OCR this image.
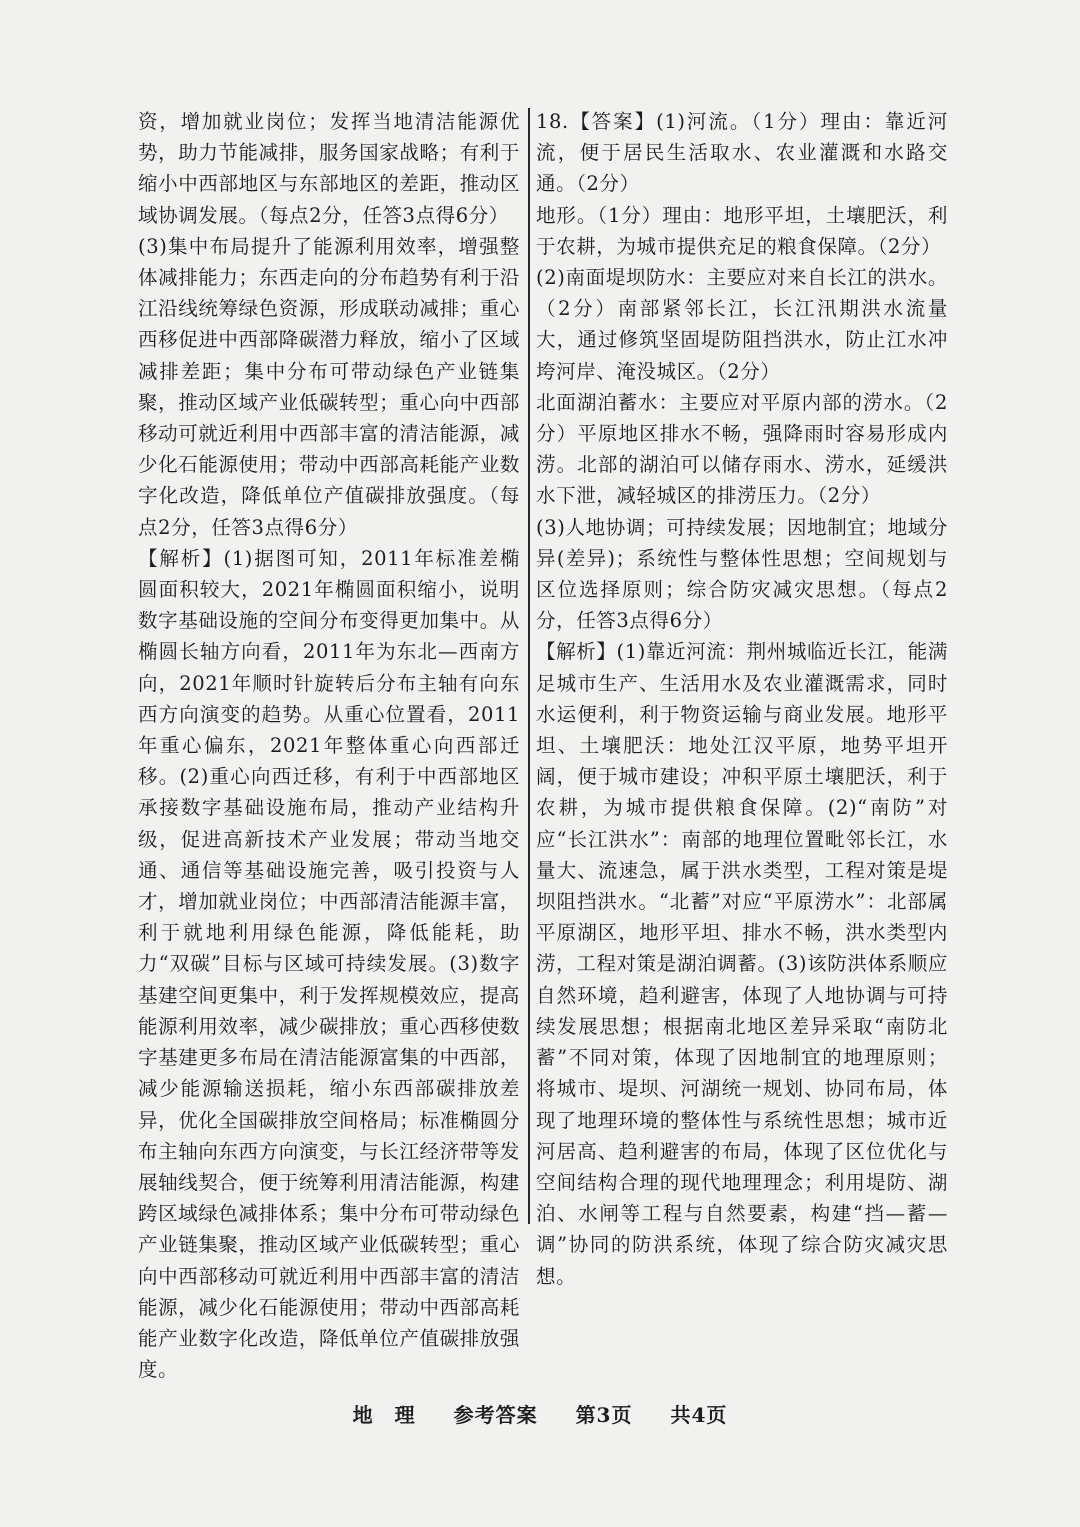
资，增加就业岗位；发挥当地清洁能源优势，助力节能减排，服务国家战略；有利于缩小中西部地区与东部地区的差距，推动区域协调发展。（每点2分，任答3点得6分）

(3)集中布局提升了能源利用效率，增强整体减排能力；东西走向的分布趋势有利于沿江沿线统筹绿色资源，形成联动减排；重心西移促进中西部降碳潜力释放，缩小了区域减排差距；集中分布可带动绿色产业链集聚，推动区域产业低碳转型；重心向中西部移动可就近利用中西部丰富的清洁能源，减少化石能源使用；带动中西部高耗能产业数字化改造，降低单位产值碳排放强度。（每点2分，任答3点得6分）

【解析】(1)据图可知，2011年标准差椭圆面积较大，2021年椭圆面积缩小，说明数字基础设施的空间分布变得更加集中。从椭圆长轴方向看，2011年为东北—西南方向，2021年顺时针旋转后分布主轴有向东西方向演变的趋势。从重心位置看，2011年重心偏东，2021年整体重心向西部迁移。(2)重心向西迁移，有利于中西部地区承接数字基础设施布局，推动产业结构升级，促进高新技术产业发展；带动当地交通、通信等基础设施完善，吸引投资与人才，增加就业岗位；中西部清洁能源丰富，利于就地利用绿色能源，降低能耗，助力“双碳”目标与区域可持续发展。(3)数字基建空间更集中，利于发挥规模效应，提高能源利用效率，减少碳排放；重心西移使数字基建更多布局在清洁能源富集的中西部，减少能源输送损耗，缩小东西部碳排放差异，优化全国碳排放空间格局；标准椭圆分布主轴向东西方向演变，与长江经济带等发展轴线契合，便于统筹利用清洁能源，构建跨区域绿色减排体系；集中分布可带动绿色产业链集聚，推动区域产业低碳转型；重心向中西部移动可就近利用中西部丰富的清洁能源，减少化石能源使用；带动中西部高耗能产业数字化改造，降低单位产值碳排放强度。

18.【答案】(1)河流。（1分）理由：靠近河流，便于居民生活取水、农业灌溉和水路交通。（2分）

地形。（1分）理由：地形平坦，土壤肥沃，利于农耕，为城市提供充足的粮食保障。（2分）

(2)南面堤坝防水：主要应对来自长江的洪水。（2分）南部紧邻长江，长江汛期洪水流量大，通过修筑坚固堤防阻挡洪水，防止江水冲垮河岸、淹没城区。（2分）

北面湖泊蓄水：主要应对平原内部的涝水。（2分）平原地区排水不畅，强降雨时容易形成内涝。北部的湖泊可以储存雨水、涝水，延缓洪水下泄，减轻城区的排涝压力。（2分）

(3)人地协调；可持续发展；因地制宜；地域分异(差异)；系统性与整体性思想；空间规划与区位选择原则；综合防灾减灾思想。（每点2分，任答3点得6分）

【解析】(1)靠近河流：荆州城临近长江，能满足城市生产、生活用水及农业灌溉需求，同时水运便利，利于物资运输与商业发展。地形平坦、土壤肥沃：地处江汉平原，地势平坦开阔，便于城市建设；冲积平原土壤肥沃，利于农耕，为城市提供粮食保障。(2)“南防”对应“长江洪水”：南部的地理位置毗邻长江，水量大、流速急，属于洪水类型，工程对策是堤坝阻挡洪水。“北蓄”对应“平原涝水”：北部属平原湖区，地形平坦、排水不畅，洪水类型内涝，工程对策是湖泊调蓄。(3)该防洪体系顺应自然环境，趋利避害，体现了人地协调与可持续发展思想；根据南北地区差异采取“南防北蓄”不同对策，体现了因地制宜的地理原则；将城市、堤坝、河湖统一规划、协同布局，体现了地理环境的整体性与系统性思想；城市近河居高、趋利避害的布局，体现了区位优化与空间结构合理的现代地理理念；利用堤防、湖泊、水闸等工程与自然要素，构建“挡—蓄—调”协同的防洪系统，体现了综合防灾减灾思想。

地　理 参考答案 第3页 共4页
